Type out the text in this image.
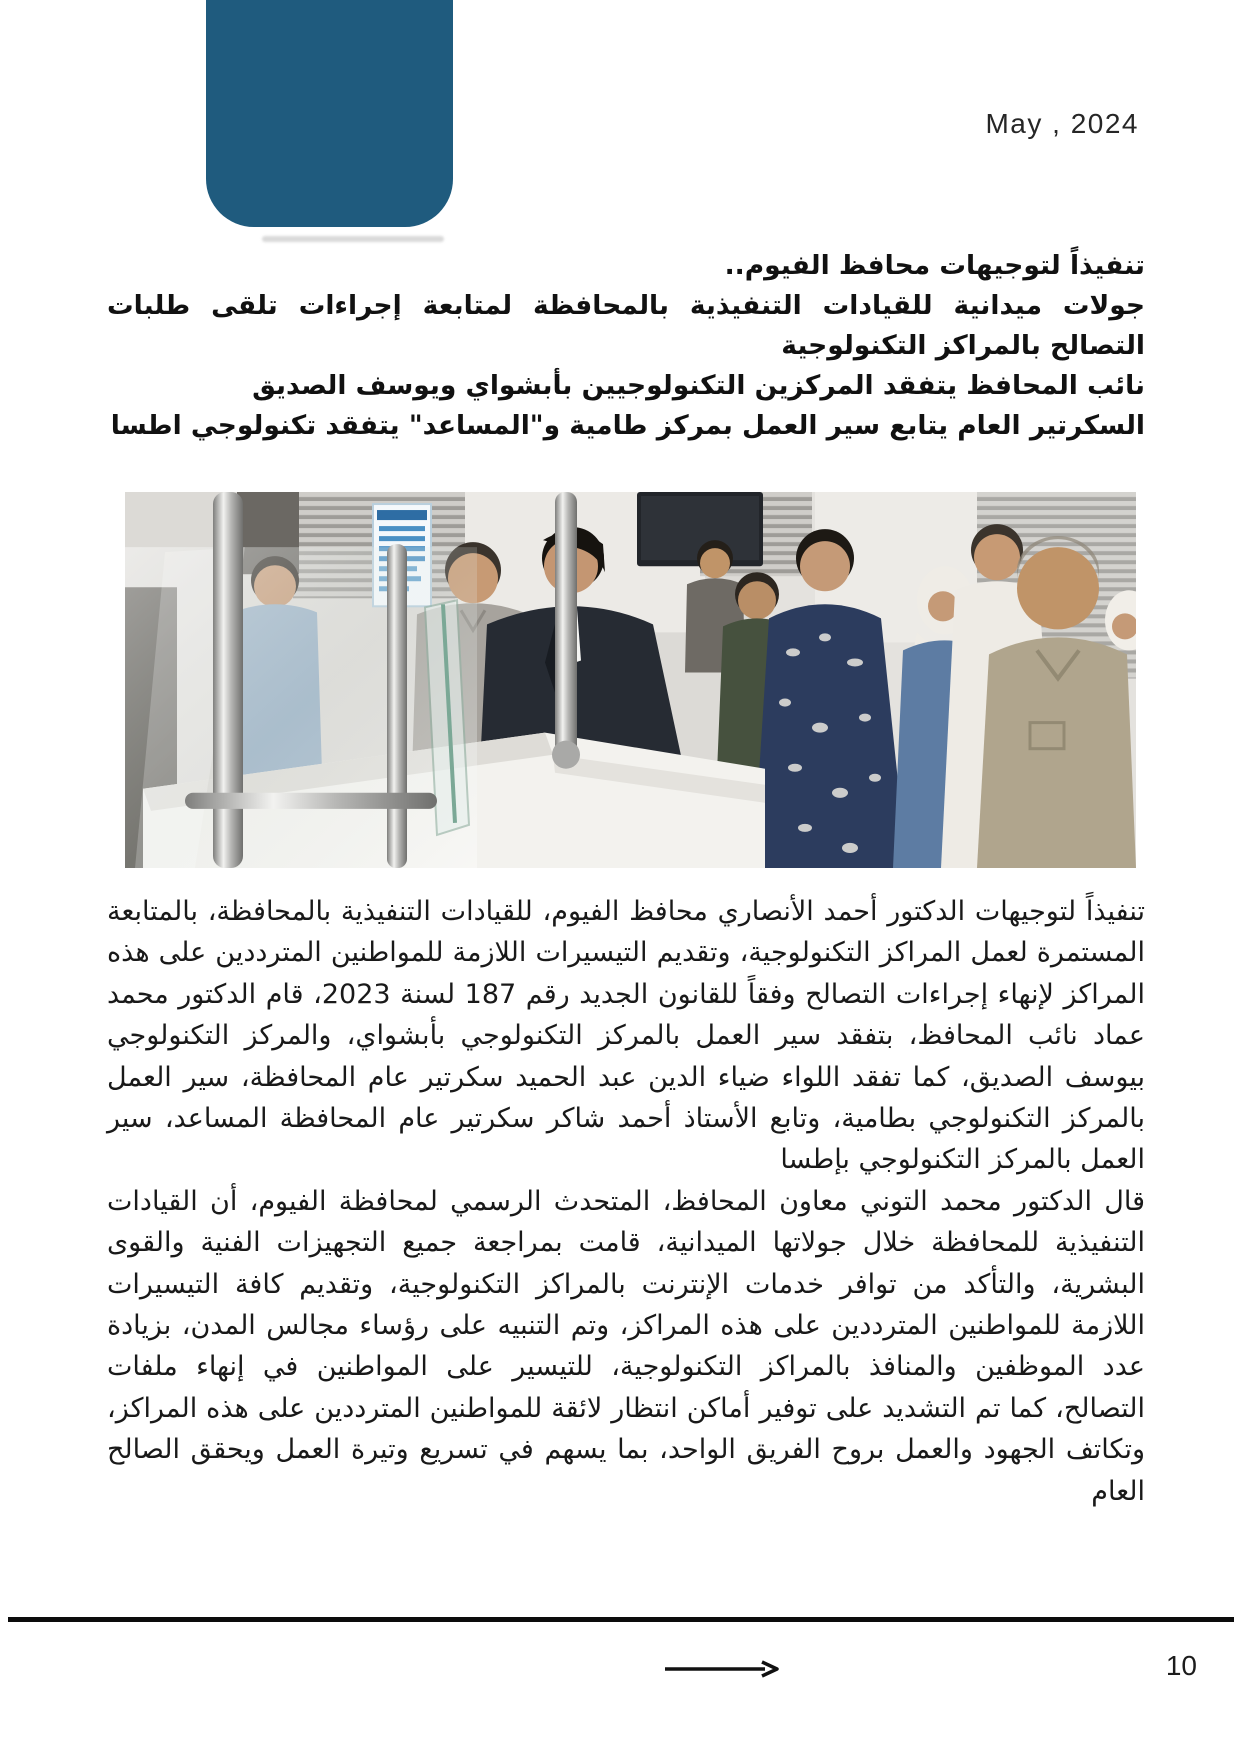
May , 2024

تنفيذاً لتوجيهات محافظ الفيوم..

جولات ميدانية للقيادات التنفيذية بالمحافظة لمتابعة إجراءات تلقى طلبات التصالح بالمراكز التكنولوجية

نائب المحافظ يتفقد المركزين التكنولوجيين بأبشواي ويوسف الصديق

السكرتير العام يتابع سير العمل بمركز طامية و"المساعد" يتفقد تكنولوجي اطسا

تنفيذاً لتوجيهات الدكتور أحمد الأنصاري محافظ الفيوم، للقيادات التنفيذية بالمحافظة، بالمتابعة المستمرة لعمل المراكز التكنولوجية، وتقديم التيسيرات اللازمة للمواطنين المترددين على هذه المراكز لإنهاء إجراءات التصالح وفقاً للقانون الجديد رقم 187 لسنة 2023، قام الدكتور محمد عماد نائب المحافظ، بتفقد سير العمل بالمركز التكنولوجي بأبشواي، والمركز التكنولوجي بيوسف الصديق، كما تفقد اللواء ضياء الدين عبد الحميد سكرتير عام المحافظة، سير العمل بالمركز التكنولوجي بطامية، وتابع الأستاذ أحمد شاكر سكرتير عام المحافظة المساعد، سير العمل بالمركز التكنولوجي بإطسا

قال الدكتور محمد التوني معاون المحافظ، المتحدث الرسمي لمحافظة الفيوم، أن القيادات التنفيذية للمحافظة خلال جولاتها الميدانية، قامت بمراجعة جميع التجهيزات الفنية والقوى البشرية، والتأكد من توافر خدمات الإنترنت بالمراكز التكنولوجية، وتقديم كافة التيسيرات اللازمة للمواطنين المترددين على هذه المراكز، وتم التنبيه على رؤساء مجالس المدن، بزيادة عدد الموظفين والمنافذ بالمراكز التكنولوجية، للتيسير على المواطنين في إنهاء ملفات التصالح، كما تم التشديد على توفير أماكن انتظار لائقة للمواطنين المترددين على هذه المراكز، وتكاتف الجهود والعمل بروح الفريق الواحد، بما يسهم في تسريع وتيرة العمل ويحقق الصالح العام

10
